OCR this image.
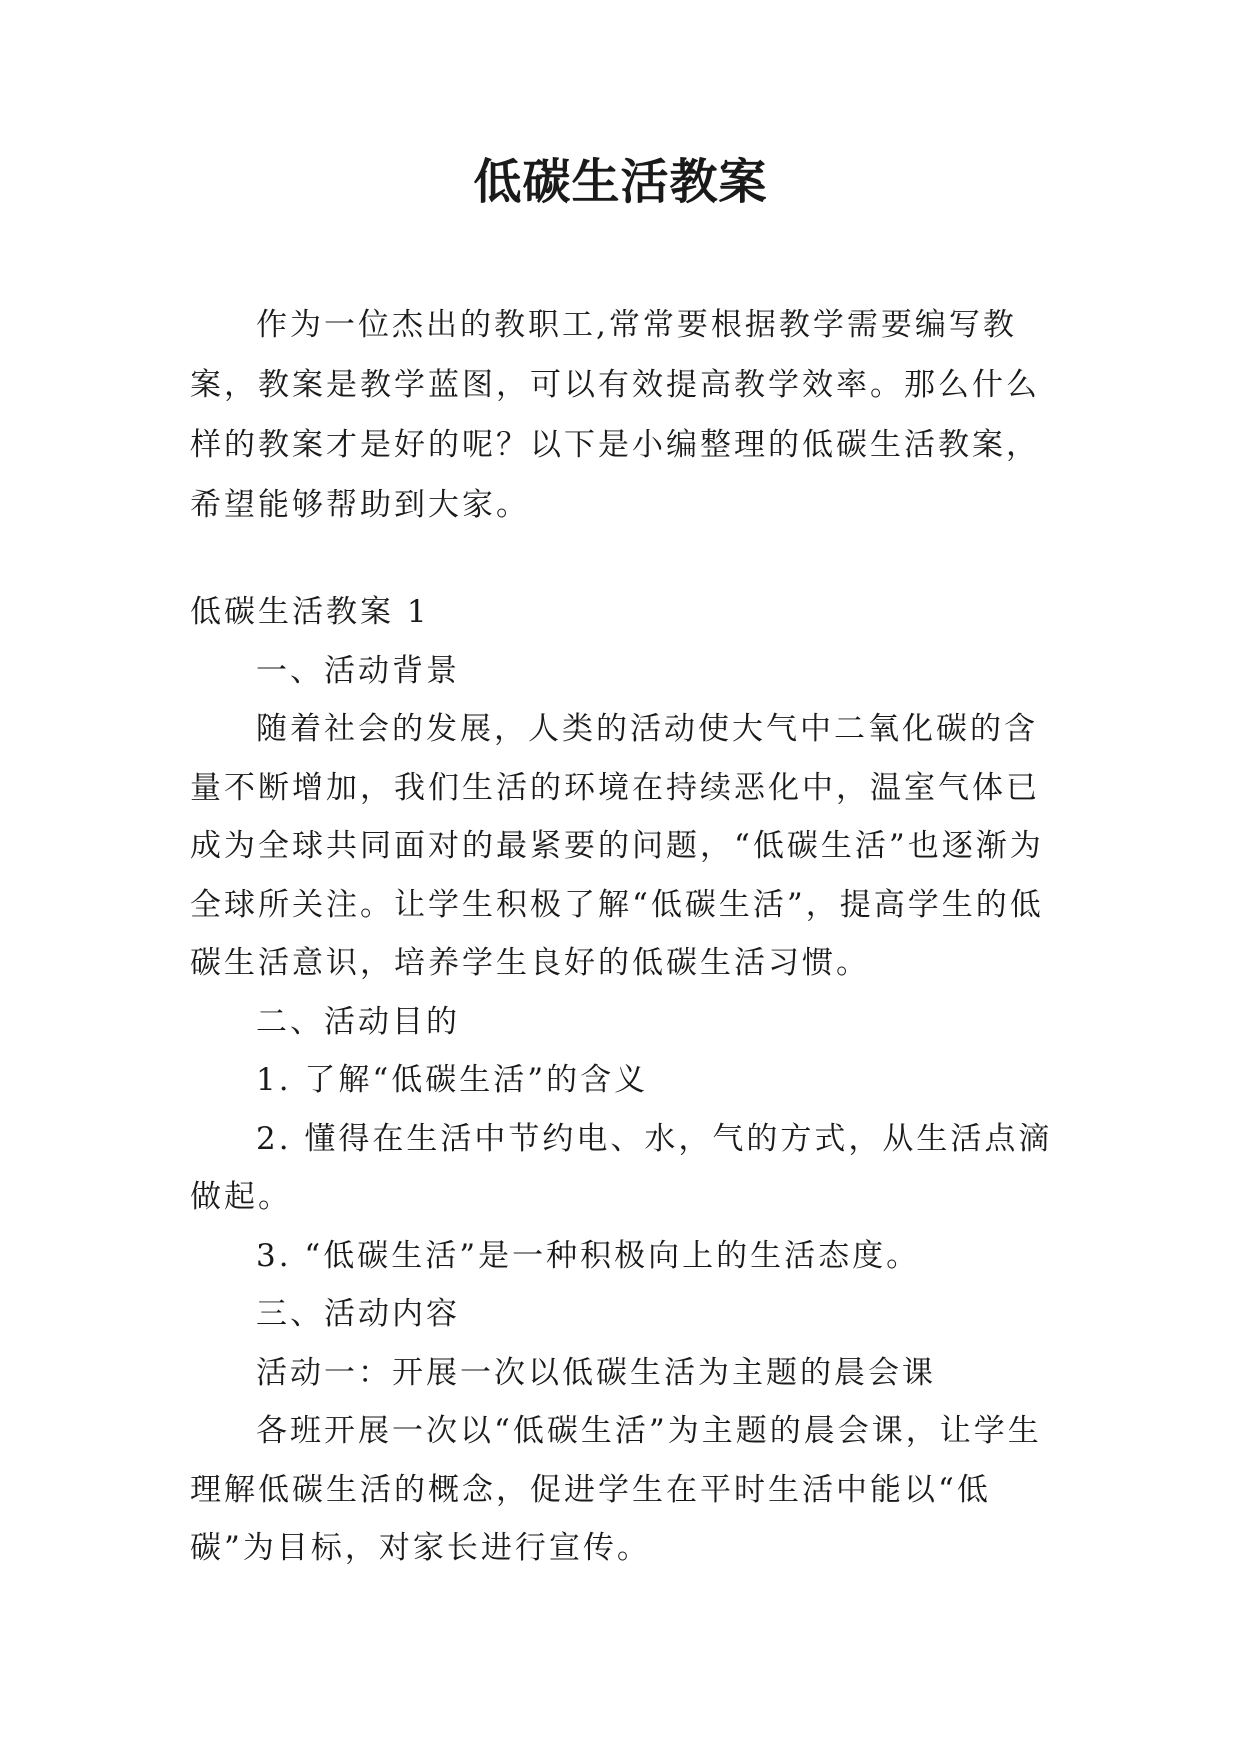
低碳生活教案

作为一位杰出的教职工,常常要根据教学需要编写教案，教案是教学蓝图，可以有效提高教学效率。那么什么样的教案才是好的呢？以下是小编整理的低碳生活教案，希望能够帮助到大家。

低碳生活教案 1

一、活动背景

随着社会的发展，人类的活动使大气中二氧化碳的含量不断增加，我们生活的环境在持续恶化中，温室气体已成为全球共同面对的最紧要的问题，“低碳生活”也逐渐为全球所关注。让学生积极了解“低碳生活”，提高学生的低碳生活意识，培养学生良好的低碳生活习惯。

二、活动目的

1. 了解“低碳生活”的含义

2. 懂得在生活中节约电、水，气的方式，从生活点滴做起。

3. “低碳生活”是一种积极向上的生活态度。

三、活动内容

活动一：开展一次以低碳生活为主题的晨会课

各班开展一次以“低碳生活”为主题的晨会课，让学生理解低碳生活的概念，促进学生在平时生活中能以“低碳”为目标，对家长进行宣传。
